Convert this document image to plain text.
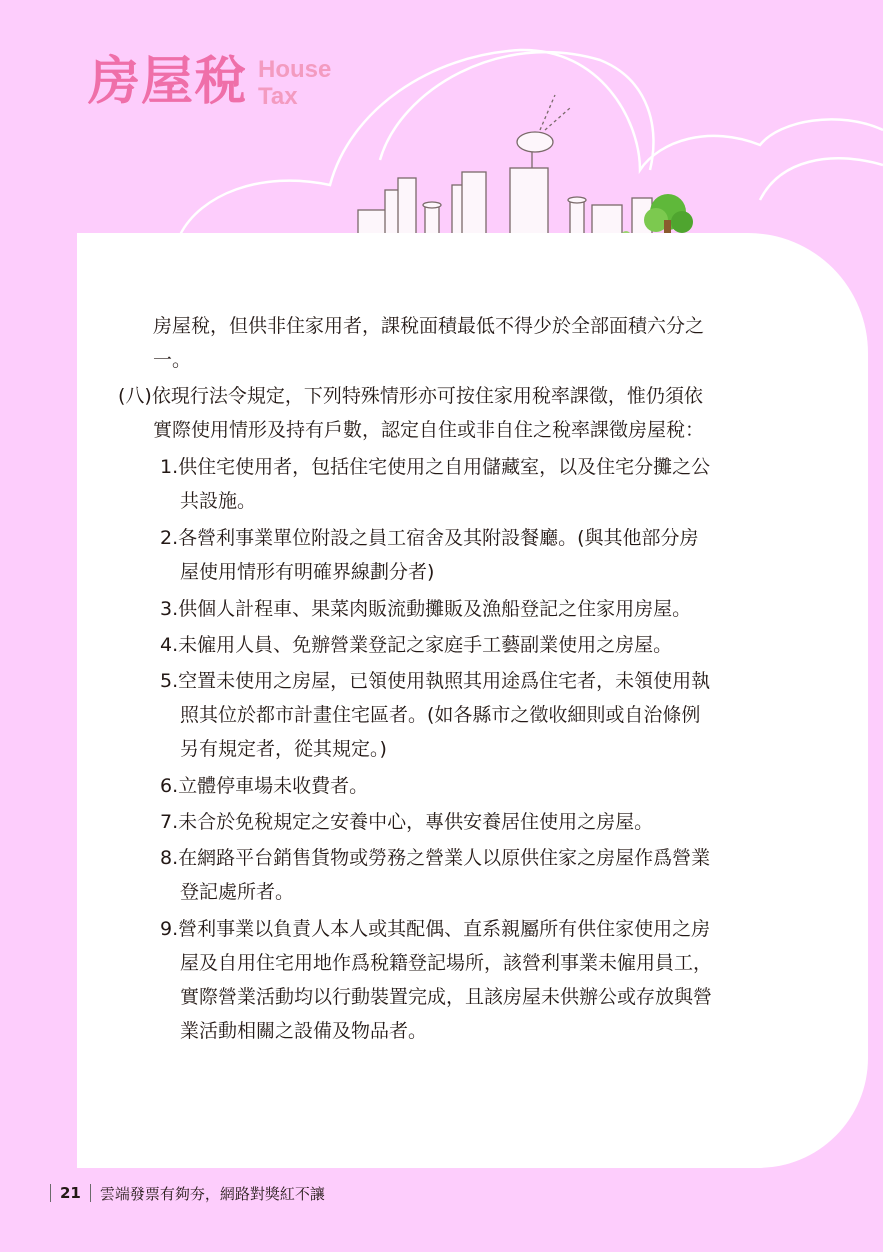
房屋稅 House
Tax
房屋稅，但供非住家用者，課稅面積最低不得少於全部面積六分之
一。
(八)依現行法令規定，下列特殊情形亦可按住家用稅率課徵，惟仍須依
實際使用情形及持有戶數，認定自住或非自住之稅率課徵房屋稅：
1.供住宅使用者，包括住宅使用之自用儲藏室，以及住宅分攤之公
共設施。
2.各營利事業單位附設之員工宿舍及其附設餐廳。(與其他部分房
屋使用情形有明確界線劃分者)
3.供個人計程車、果菜肉販流動攤販及漁船登記之住家用房屋。
4.未僱用人員、免辦營業登記之家庭手工藝副業使用之房屋。
5.空置未使用之房屋，已領使用執照其用途爲住宅者，未領使用執
照其位於都市計畫住宅區者。(如各縣市之徵收細則或自治條例
另有規定者，從其規定。)
6.立體停車場未收費者。
7.未合於免稅規定之安養中心，專供安養居住使用之房屋。
8.在網路平台銷售貨物或勞務之營業人以原供住家之房屋作爲營業
登記處所者。
9.營利事業以負責人本人或其配偶、直系親屬所有供住家使用之房
屋及自用住宅用地作爲稅籍登記場所，該營利事業未僱用員工，
實際營業活動均以行動裝置完成，且該房屋未供辦公或存放與營
業活動相關之設備及物品者。
21 雲端發票有夠夯，網路對獎紅不讓
